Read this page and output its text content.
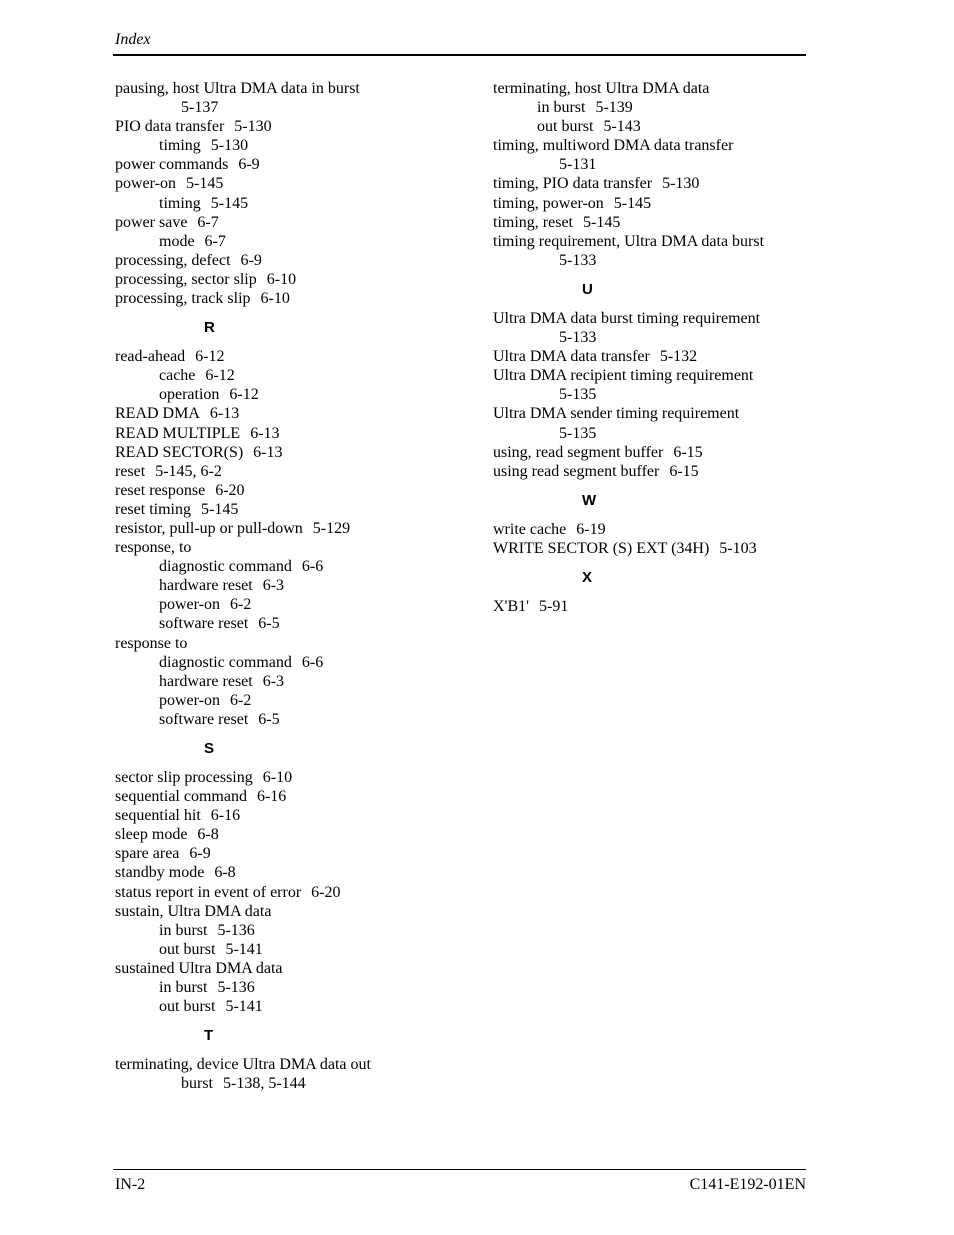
Index
pausing, host Ultra DMA data in burst
5-137
PIO data transfer 5-130
timing 5-130
power commands 6-9
power-on 5-145
timing 5-145
power save 6-7
mode 6-7
processing, defect 6-9
processing, sector slip 6-10
processing, track slip 6-10
R
read-ahead 6-12
cache 6-12
operation 6-12
READ DMA 6-13
READ MULTIPLE 6-13
READ SECTOR(S) 6-13
reset 5-145, 6-2
reset response 6-20
reset timing 5-145
resistor, pull-up or pull-down 5-129
response, to
diagnostic command 6-6
hardware reset 6-3
power-on 6-2
software reset 6-5
response to
diagnostic command 6-6
hardware reset 6-3
power-on 6-2
software reset 6-5
S
sector slip processing 6-10
sequential command 6-16
sequential hit 6-16
sleep mode 6-8
spare area 6-9
standby mode 6-8
status report in event of error 6-20
sustain, Ultra DMA data
in burst 5-136
out burst 5-141
sustained Ultra DMA data
in burst 5-136
out burst 5-141
T
terminating, device Ultra DMA data out
burst 5-138, 5-144
terminating, host Ultra DMA data
in burst 5-139
out burst 5-143
timing, multiword DMA data transfer
5-131
timing, PIO data transfer 5-130
timing, power-on 5-145
timing, reset 5-145
timing requirement, Ultra DMA data burst
5-133
U
Ultra DMA data burst timing requirement
5-133
Ultra DMA data transfer 5-132
Ultra DMA recipient timing requirement
5-135
Ultra DMA sender timing requirement
5-135
using, read segment buffer 6-15
using read segment buffer 6-15
W
write cache 6-19
WRITE SECTOR (S) EXT (34H) 5-103
X
X'B1' 5-91
IN-2	C141-E192-01EN
